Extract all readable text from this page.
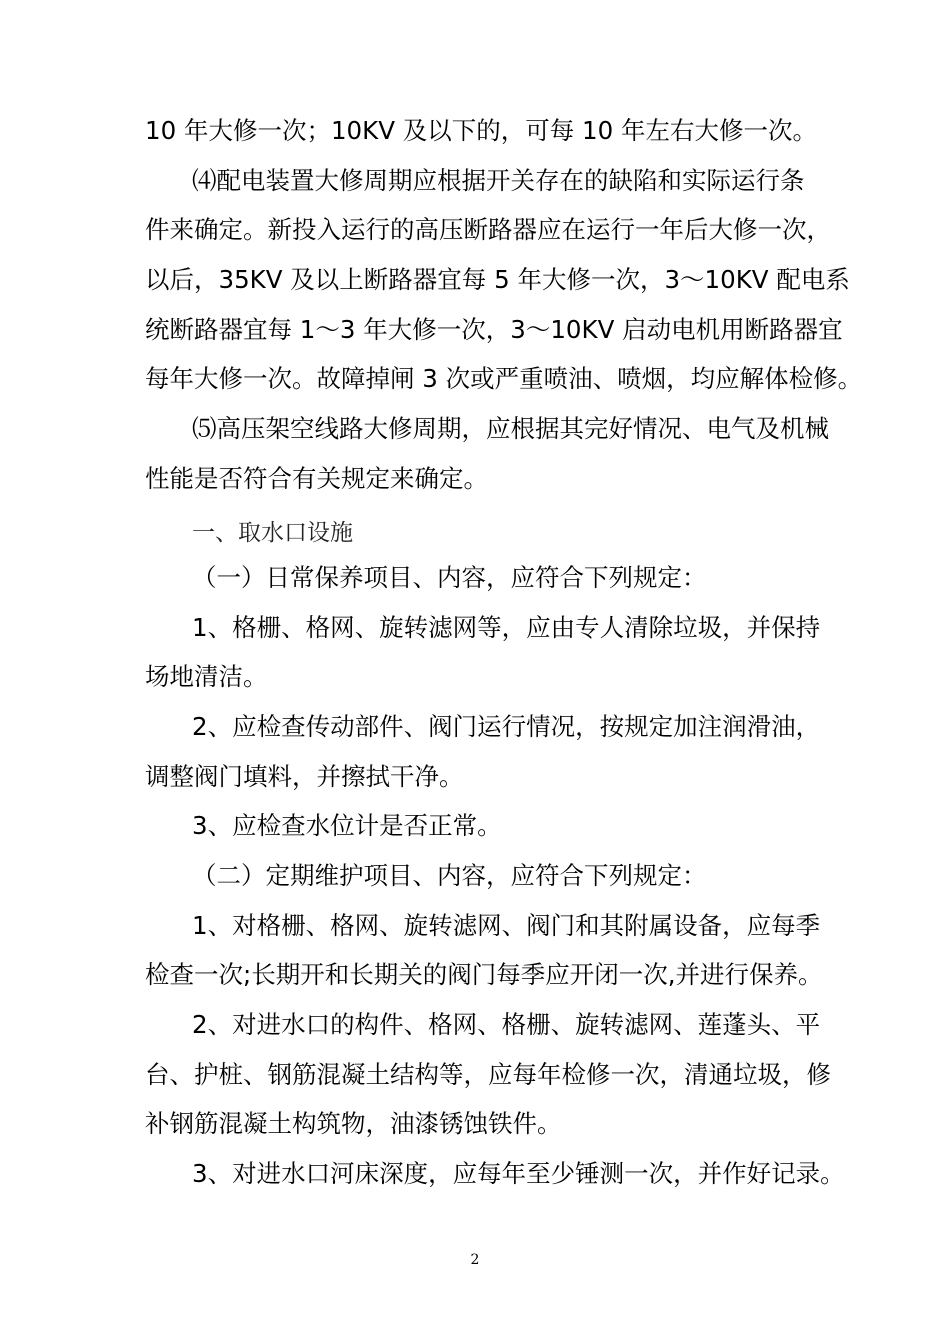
10 年大修一次；10KV 及以下的，可每 10 年左右大修一次。
⑷配电装置大修周期应根据开关存在的缺陷和实际运行条
件来确定。新投入运行的高压断路器应在运行一年后大修一次，
以后，35KV 及以上断路器宜每 5 年大修一次，3～10KV 配电系
统断路器宜每 1～3 年大修一次，3～10KV 启动电机用断路器宜
每年大修一次。故障掉闸 3 次或严重喷油、喷烟，均应解体检修。
⑸高压架空线路大修周期，应根据其完好情况、电气及机械
性能是否符合有关规定来确定。
一、取水口设施
（一）日常保养项目、内容，应符合下列规定：
1、格栅、格网、旋转滤网等，应由专人清除垃圾，并保持
场地清洁。
2、应检查传动部件、阀门运行情况，按规定加注润滑油，
调整阀门填料，并擦拭干净。
3、应检查水位计是否正常。
（二）定期维护项目、内容，应符合下列规定：
1、对格栅、格网、旋转滤网、阀门和其附属设备，应每季
检查一次;长期开和长期关的阀门每季应开闭一次,并进行保养。
2、对进水口的构件、格网、格栅、旋转滤网、莲蓬头、平
台、护桩、钢筋混凝土结构等，应每年检修一次，清通垃圾，修
补钢筋混凝土构筑物，油漆锈蚀铁件。
3、对进水口河床深度，应每年至少锤测一次，并作好记录。
2
